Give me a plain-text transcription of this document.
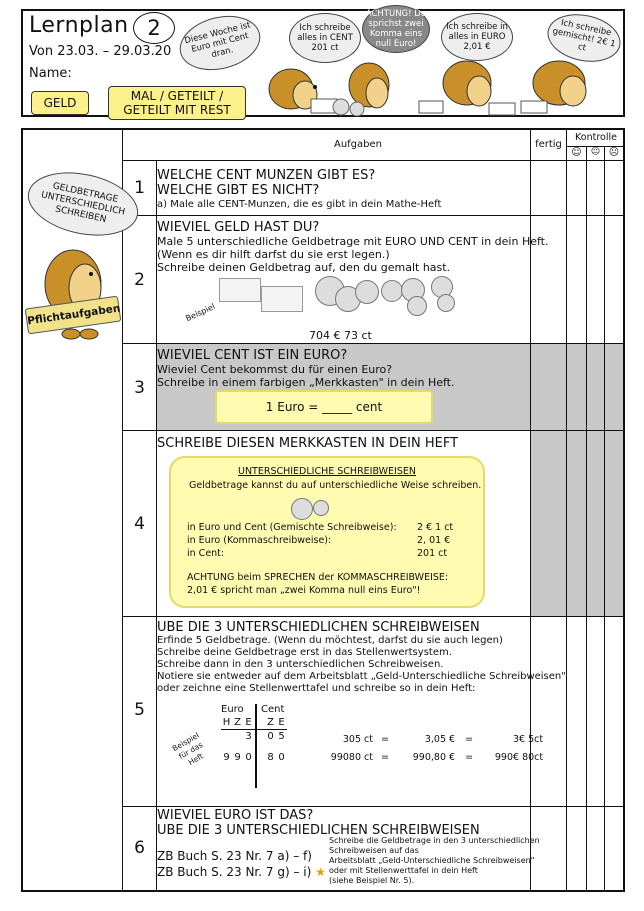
Lernplan 2
Von 23.03. – 29.03.20
Name:
GELD	MAL / GETEILT /
GETEILT MIT REST
Diese Woche ist Euro mit Cent dran.
Ich schreibe alles in CENT 201 ct
ACHTUNG! Du sprichst zwei Komma eins null Euro!
Ich schreibe in alles in EURO 2,01 €
Ich schreibe gemischt! 2€ 1 ct
Aufgaben	fertig
Kontrolle
☺	😐 ☹
GELDBETRAGE UNTERSCHIEDLICH SCHREIBEN
Pflichtaufgaben
1
WELCHE CENT MUNZEN GIBT ES?
WELCHE GIBT ES NICHT?
a) Male alle CENT-Munzen, die es gibt in dein Mathe-Heft
2
WIEVIEL GELD HAST DU?
Male 5 unterschiedliche Geldbetrage mit EURO UND CENT in dein Heft.
(Wenn es dir hilft darfst du sie erst legen.)
Schreibe deinen Geldbetrag auf, den du gemalt hast.
Beispiel
704 € 73 ct
3
WIEVIEL CENT IST EIN EURO?
Wieviel Cent bekommst du für einen Euro?
Schreibe in einem farbigen „Merkkasten" in dein Heft.
1 Euro = _____ cent
4
SCHREIBE DIESEN MERKKASTEN IN DEIN HEFT
UNTERSCHIEDLICHE SCHREIBWEISEN
Geldbetrage kannst du auf unterschiedliche Weise schreiben.
in Euro und Cent (Gemischte Schreibweise): 2 € 1 ct
in Euro (Kommaschreibweise):	2, 01 €
in Cent:	201 ct
ACHTUNG beim SPRECHEN der KOMMASCHREIBWEISE:
2,01 € spricht man „zwei Komma null eins Euro"!
5
UBE DIE 3 UNTERSCHIEDLICHEN SCHREIBWEISEN
Erfinde 5 Geldbetrage. (Wenn du möchtest, darfst du sie auch legen)
Schreibe deine Geldbetrage erst in das Stellenwertsystem.
Schreibe dann in den 3 unterschiedlichen Schreibweisen.
Notiere sie entweder auf dem Arbeitsblatt „Geld-Unterschiedliche Schreibweisen"
oder zeichne eine Stellenwerttafel und schreibe so in dein Heft:
Beispiel für das Heft
Euro Cent
H	Z	E		Z	E
		3		0	5

9	9	0		8	0
305 ct =	3,05 € =	3€ 5ct
99080 ct = 990,80 € = 990€ 80ct
6
WIEVIEL EURO IST DAS?
UBE DIE 3 UNTERSCHIEDLICHEN SCHREIBWEISEN
ZB Buch S. 23 Nr. 7 a) – f)
ZB Buch S. 23 Nr. 7 g) – i) ★
Schreibe die Geldbetrage in den 3 unterschiedlichen
Schreibweisen auf das
Arbeitsblatt „Geld-Unterschiedliche Schreibweisen"
oder mit Stellenwerttafel in dein Heft
(siehe Beispiel Nr. 5).
